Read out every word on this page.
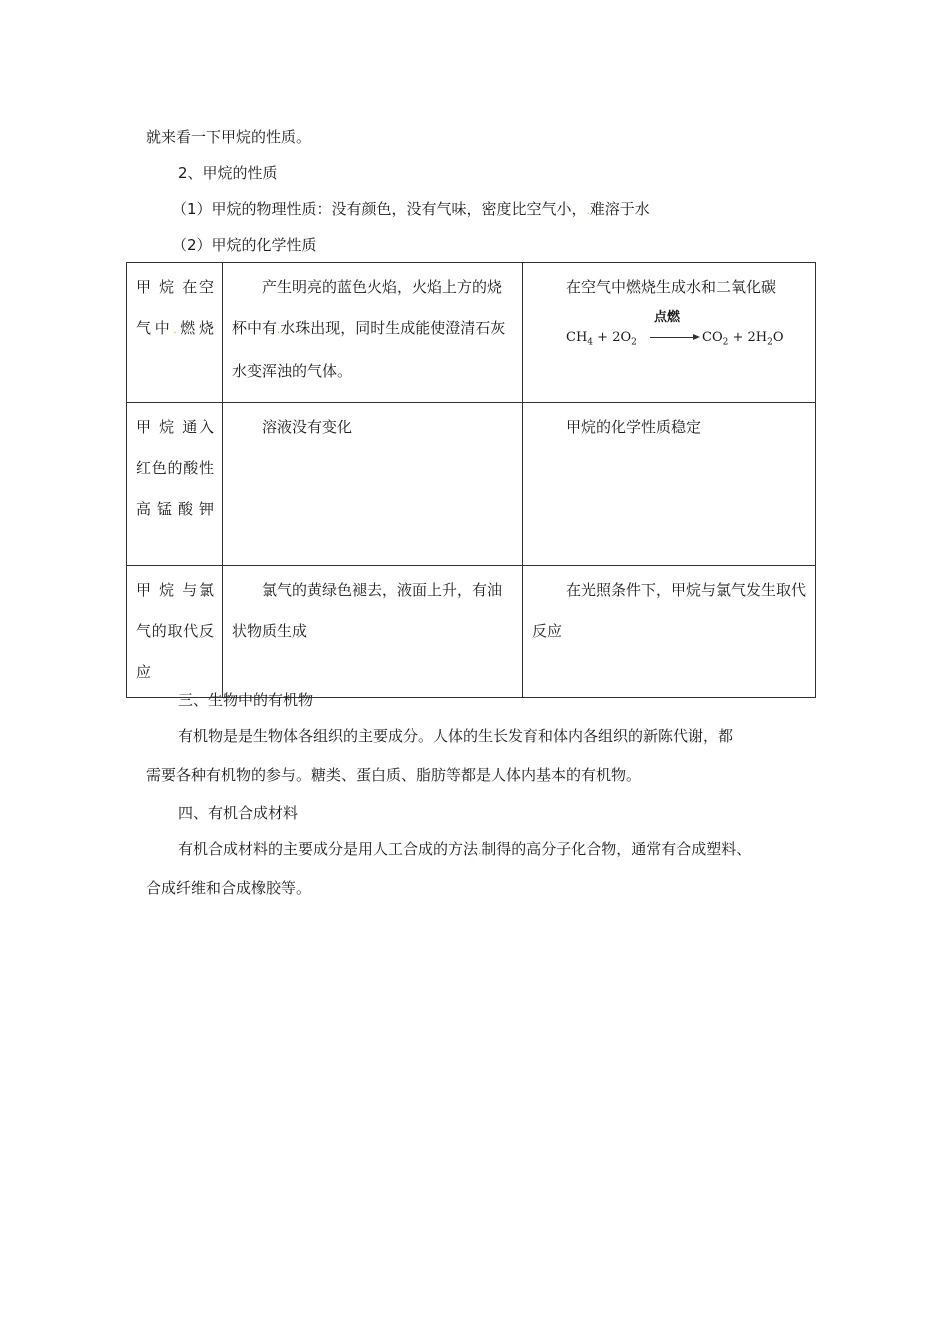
就来看一下甲烷的性质。
2、甲烷的性质
（1）甲烷的物理性质：没有颜色，没有气味，密度比空气小，.难溶于水
（2）甲烷的化学性质
甲 烷 在空气中.燃烧	产生明亮的蓝色火焰，火焰上方的烧杯中有.水珠出现，同时生成能使澄清石灰水变浑浊的气体。	在空气中燃烧生成水和二氧化碳
$CH_4 + 2O_2$
点燃
→ $CO_2 + 2H_2O$

甲 烷 通入红色的酸性高锰酸钾	溶液没有变化	甲烷的化学性质稳定
甲 烷 与氯气的取代反应	氯气的黄绿色褪去，液面上升，有油状物质生成	在光照条件下，甲烷与氯气发生取代反应
三、生物中的有机物
有机物是是生物体各组织的主要成分。人体的生长发育和体内各组织的新陈代谢，都
需要各种有机物的参与。糖类、蛋白质、脂肪等都是人体内基本的有机物。
四、有机合成材料
有机合成材料的主要成分是用人工合成的方法.制得的高分子化合物，通常有合成塑料、
合成纤维和合成橡胶等。
